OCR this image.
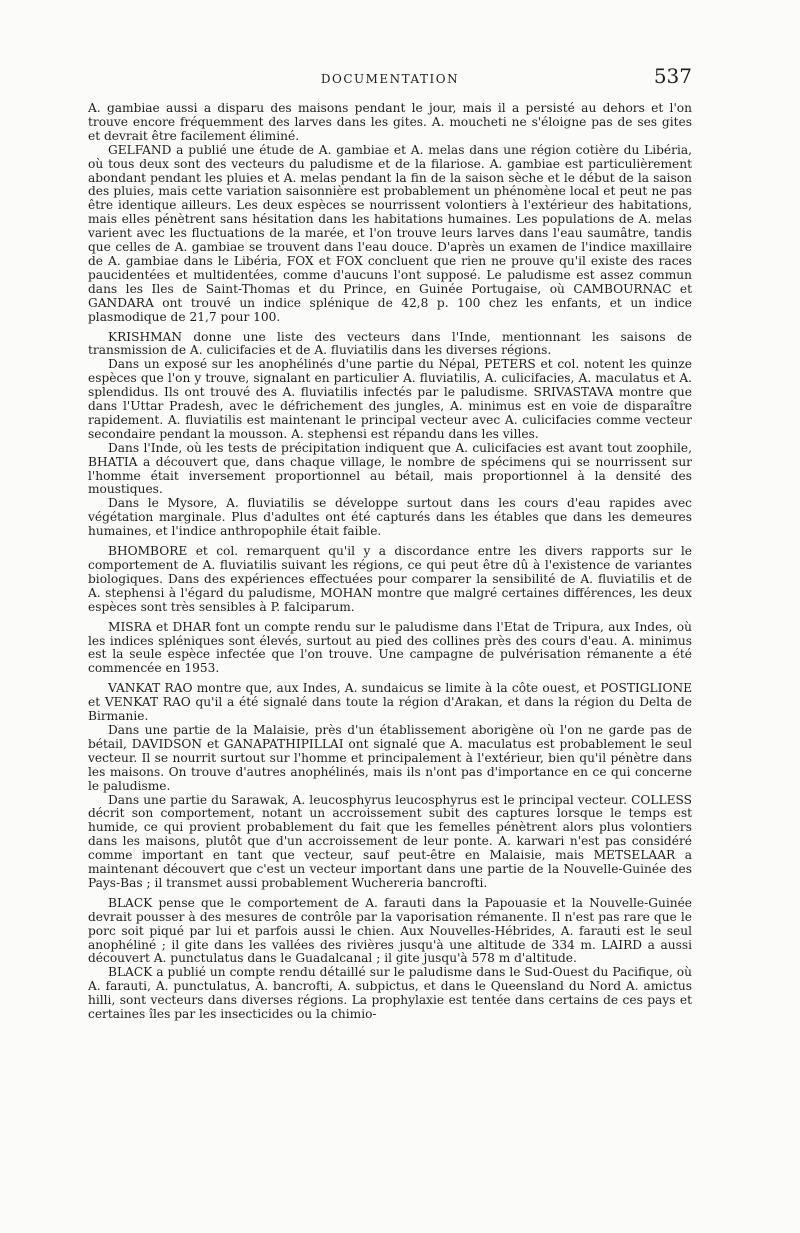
DOCUMENTATION	537

A. gambiae aussi a disparu des maisons pendant le jour, mais il a persisté au dehors et l'on trouve encore fréquemment des larves dans les gites. A. moucheti ne s'éloigne pas de ses gites et devrait être facilement éliminé.

GELFAND a publié une étude de A. gambiae et A. melas dans une région cotière du Libéria, où tous deux sont des vecteurs du paludisme et de la filariose. A. gambiae est particulièrement abondant pendant les pluies et A. melas pendant la fin de la saison sèche et le début de la saison des pluies, mais cette variation saisonnière est probablement un phénomène local et peut ne pas être identique ailleurs. Les deux espèces se nourrissent volontiers à l'extérieur des habitations, mais elles pénètrent sans hésitation dans les habitations humaines. Les populations de A. melas varient avec les fluctuations de la marée, et l'on trouve leurs larves dans l'eau saumâtre, tandis que celles de A. gambiae se trouvent dans l'eau douce. D'après un examen de l'indice maxillaire de A. gambiae dans le Libéria, FOX et FOX concluent que rien ne prouve qu'il existe des races paucidentées et multidentées, comme d'aucuns l'ont supposé. Le paludisme est assez commun dans les Iles de Saint-Thomas et du Prince, en Guinée Portugaise, où CAMBOURNAC et GANDARA ont trouvé un indice splénique de 42,8 p. 100 chez les enfants, et un indice plasmodique de 21,7 pour 100.

KRISHMAN donne une liste des vecteurs dans l'Inde, mentionnant les saisons de transmission de A. culicifacies et de A. fluviatilis dans les diverses régions.

Dans un exposé sur les anophélinés d'une partie du Népal, PETERS et col. notent les quinze espèces que l'on y trouve, signalant en particulier A. fluviatilis, A. culicifacies, A. maculatus et A. splendidus. Ils ont trouvé des A. fluviatilis infectés par le paludisme. SRIVASTAVA montre que dans l'Uttar Pradesh, avec le défrichement des jungles, A. minimus est en voie de disparaître rapidement. A. fluviatilis est maintenant le principal vecteur avec A. culicifacies comme vecteur secondaire pendant la mousson. A. stephensi est répandu dans les villes.

Dans l'Inde, où les tests de précipitation indiquent que A. culicifacies est avant tout zoophile, BHATIA a découvert que, dans chaque village, le nombre de spécimens qui se nourrissent sur l'homme était inversement proportionnel au bétail, mais proportionnel à la densité des moustiques.

Dans le Mysore, A. fluviatilis se développe surtout dans les cours d'eau rapides avec végétation marginale. Plus d'adultes ont été capturés dans les étables que dans les demeures humaines, et l'indice anthropophile était faible.

BHOMBORE et col. remarquent qu'il y a discordance entre les divers rapports sur le comportement de A. fluviatilis suivant les régions, ce qui peut être dû à l'existence de variantes biologiques. Dans des expériences effectuées pour comparer la sensibilité de A. fluviatilis et de A. stephensi à l'égard du paludisme, MOHAN montre que malgré certaines différences, les deux espèces sont très sensibles à P. falciparum.

MISRA et DHAR font un compte rendu sur le paludisme dans l'Etat de Tripura, aux Indes, où les indices spléniques sont élevés, surtout au pied des collines près des cours d'eau. A. minimus est la seule espèce infectée que l'on trouve. Une campagne de pulvérisation rémanente a été commencée en 1953.

VANKAT RAO montre que, aux Indes, A. sundaicus se limite à la côte ouest, et POSTIGLIONE et VENKAT RAO qu'il a été signalé dans toute la région d'Arakan, et dans la région du Delta de Birmanie.

Dans une partie de la Malaisie, près d'un établissement aborigène où l'on ne garde pas de bétail, DAVIDSON et GANAPATHIPILLAI ont signalé que A. maculatus est probablement le seul vecteur. Il se nourrit surtout sur l'homme et principalement à l'extérieur, bien qu'il pénètre dans les maisons. On trouve d'autres anophélinés, mais ils n'ont pas d'importance en ce qui concerne le paludisme.

Dans une partie du Sarawak, A. leucosphyrus leucosphyrus est le principal vecteur. COLLESS décrit son comportement, notant un accroissement subit des captures lorsque le temps est humide, ce qui provient probablement du fait que les femelles pénètrent alors plus volontiers dans les maisons, plutôt que d'un accroissement de leur ponte. A. karwari n'est pas considéré comme important en tant que vecteur, sauf peut-être en Malaisie, mais METSELAAR a maintenant découvert que c'est un vecteur important dans une partie de la Nouvelle-Guinée des Pays-Bas ; il transmet aussi probablement Wuchereria bancrofti.

BLACK pense que le comportement de A. farauti dans la Papouasie et la Nouvelle-Guinée devrait pousser à des mesures de contrôle par la vaporisation rémanente. Il n'est pas rare que le porc soit piqué par lui et parfois aussi le chien. Aux Nouvelles-Hébrides, A. farauti est le seul anophéliné ; il gite dans les vallées des rivières jusqu'à une altitude de 334 m. LAIRD a aussi découvert A. punctulatus dans le Guadalcanal ; il gite jusqu'à 578 m d'altitude.

BLACK a publié un compte rendu détaillé sur le paludisme dans le Sud-Ouest du Pacifique, où A. farauti, A. punctulatus, A. bancrofti, A. subpictus, et dans le Queensland du Nord A. amictus hilli, sont vecteurs dans diverses régions. La prophylaxie est tentée dans certains de ces pays et certaines îles par les insecticides ou la chimio-
